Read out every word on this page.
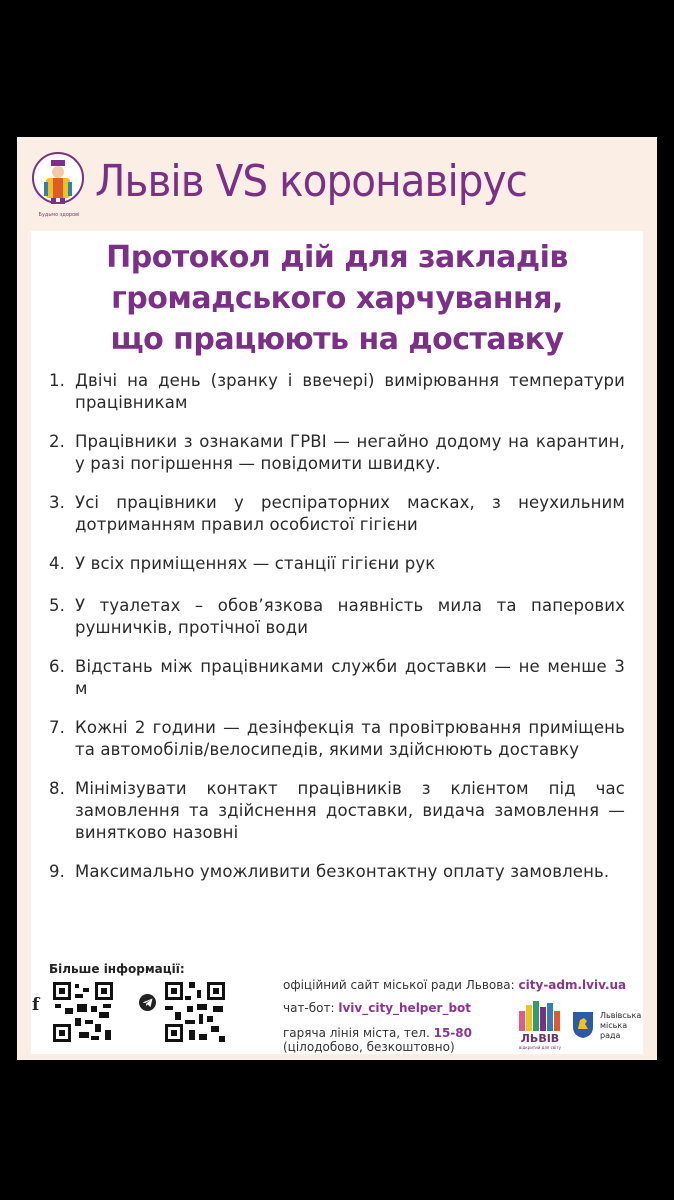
Будьмо здорові
Львів VS коронавірус
Протокол дій для закладів
громадського харчування,
що працюють на доставку
1. Двічі на день (зранку і ввечері) вимірювання температури працівникам
2. Працівники з ознаками ГРВІ — негайно додому на карантин, у разі погіршення — повідомити швидку.
3. Усі працівники у респіраторних масках, з неухильним дотриманням правил особистої гігієни
4. У всіх приміщеннях — станції гігієни рук
5. У туалетах – обов’язкова наявність мила та паперових рушничків, протічної води
6. Відстань між працівниками служби доставки — не менше 3 м
7. Кожні 2 години — дезінфекція та провітрювання приміщень та автомобілів/велосипедів, якими здійснюють доставку
8. Мінімізувати контакт працівників з клієнтом під час замовлення та здійснення доставки, видача замовлення — винятково назовні
9. Максимально уможливити безконтактну оплату замовлень.
Більше інформації:
f
офіційний сайт міської ради Львова: city-adm.lviv.ua
чат-бот: lviv_city_helper_bot
гаряча лінія міста, тел. 15-80
(цілодобово, безкоштовно)
ЛЬВІВ
відкритий для світу
Львівська
міська
рада
